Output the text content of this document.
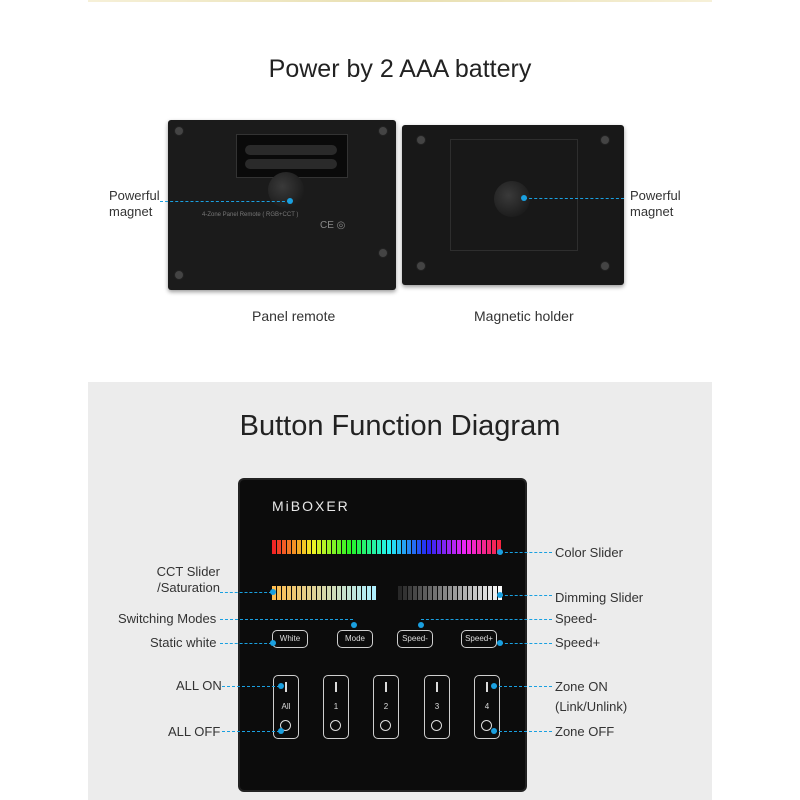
Power by 2 AAA battery
4-Zone Panel Remote ( RGB+CCT )
CE ◎
Powerful
magnet
Powerful
magnet
Panel remote	Magnetic holder
Button Function Diagram
MiBOXER
White	Mode	Speed-	Speed+
All	1	2	3	4
CCT Slider
/Saturation
Switching Modes
Static white
ALL ON
ALL OFF
Color Slider
Dimming Slider
Speed-
Speed+
Zone ON
(Link/Unlink)
Zone OFF
